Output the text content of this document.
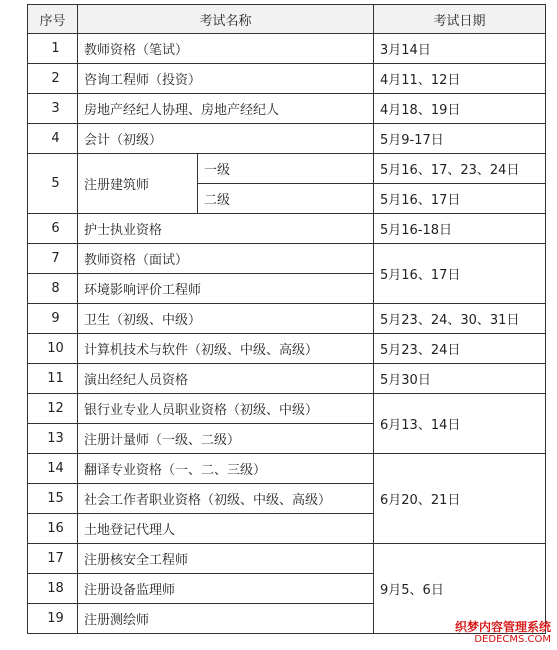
序号	考试名称		考试日期
1	教师资格（笔试）		3月14日
2	咨询工程师（投资）		4月11、12日
3	房地产经纪人协理、房地产经纪人		4月18、19日
4	会计（初级）		5月9-17日
5	注册建筑师	一级	5月16、17、23、24日
		二级	5月16、17日
6	护士执业资格		5月16-18日
7	教师资格（面试）		5月16、17日
8	环境影响评价工程师		
9	卫生（初级、中级）		5月23、24、30、31日
10	计算机技术与软件（初级、中级、高级）		5月23、24日
11	演出经纪人员资格		5月30日
12	银行业专业人员职业资格（初级、中级）		6月13、14日
13	注册计量师（一级、二级）		
14	翻译专业资格（一、二、三级）		6月20、21日
15	社会工作者职业资格（初级、中级、高级）		
16	土地登记代理人		
17	注册核安全工程师		9月5、6日
18	注册设备监理师		
19	注册测绘师			织梦内容管理系统
DEDECMS.COM
